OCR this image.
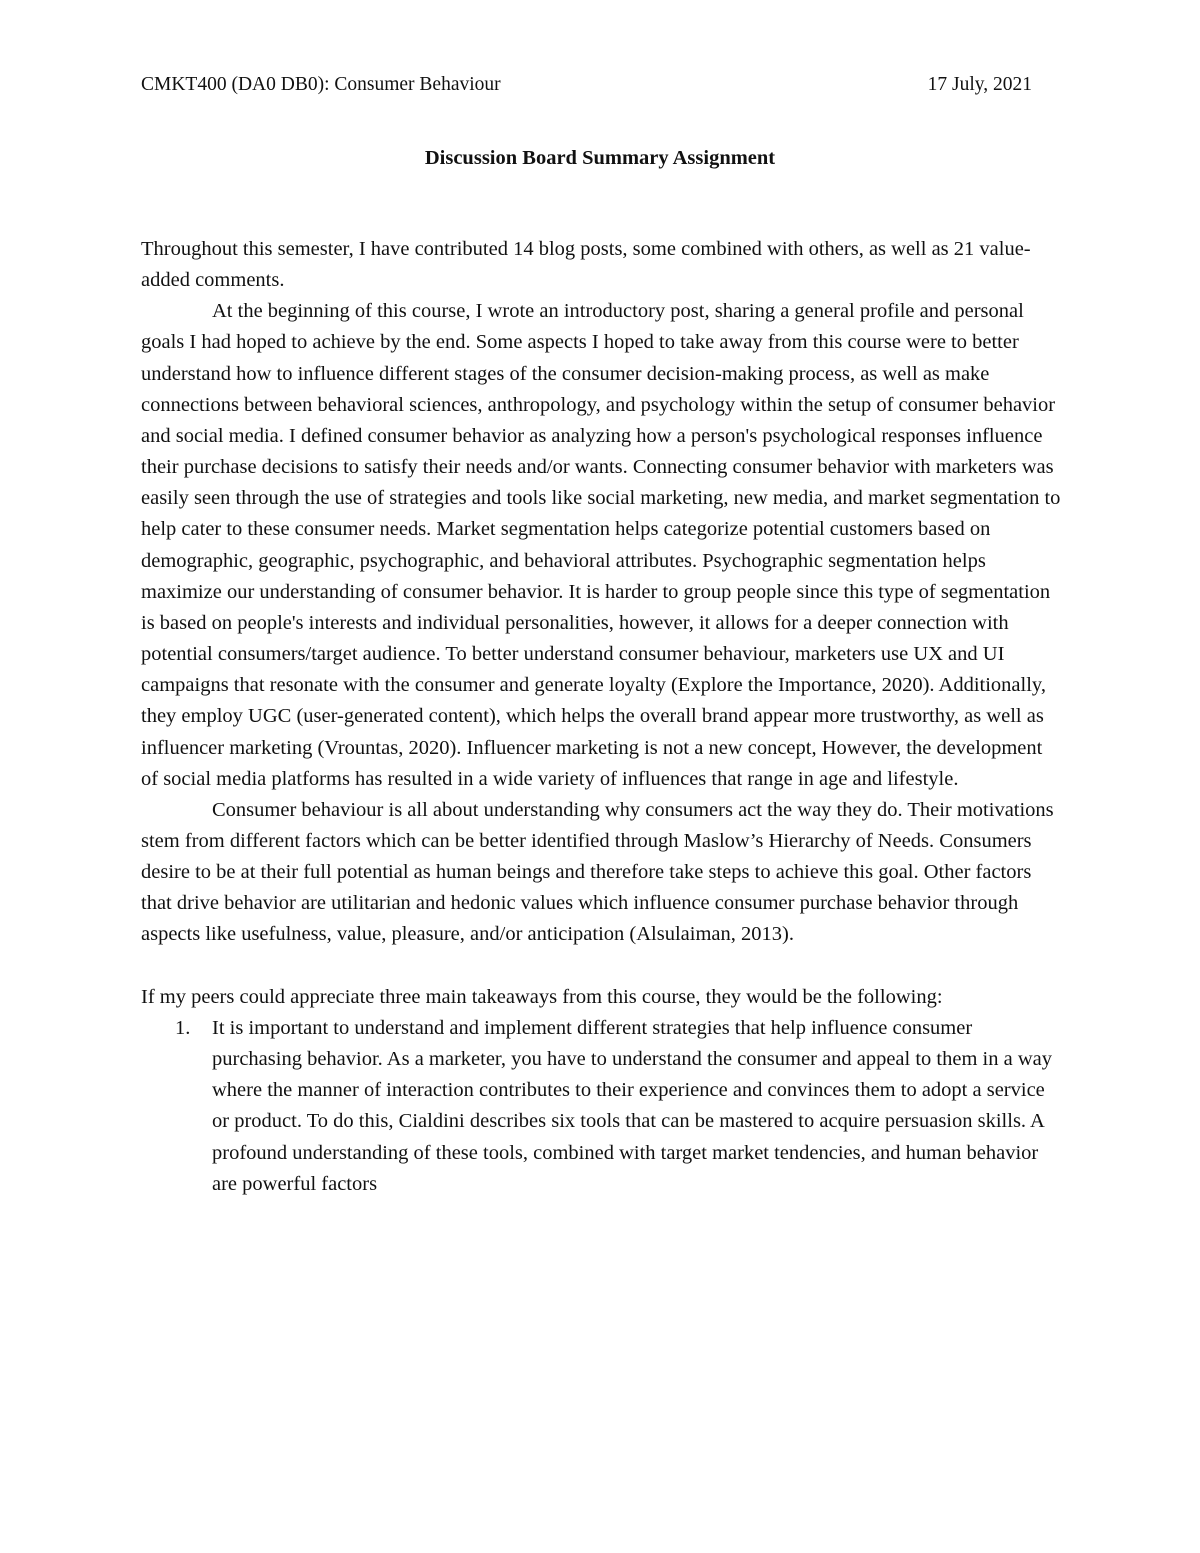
CMKT400 (DA0 DB0): Consumer Behaviour	17 July, 2021
Discussion Board Summary Assignment

Throughout this semester, I have contributed 14 blog posts, some combined with others, as well as 21 value-added comments.

At the beginning of this course, I wrote an introductory post, sharing a general profile and personal goals I had hoped to achieve by the end. Some aspects I hoped to take away from this course were to better understand how to influence different stages of the consumer decision-making process, as well as make connections between behavioral sciences, anthropology, and psychology within the setup of consumer behavior and social media. I defined consumer behavior as analyzing how a person's psychological responses influence their purchase decisions to satisfy their needs and/or wants. Connecting consumer behavior with marketers was easily seen through the use of strategies and tools like social marketing, new media, and market segmentation to help cater to these consumer needs. Market segmentation helps categorize potential customers based on demographic, geographic, psychographic, and behavioral attributes. Psychographic segmentation helps maximize our understanding of consumer behavior. It is harder to group people since this type of segmentation is based on people's interests and individual personalities, however, it allows for a deeper connection with potential consumers/target audience. To better understand consumer behaviour, marketers use UX and UI campaigns that resonate with the consumer and generate loyalty (Explore the Importance, 2020). Additionally, they employ UGC (user-generated content), which helps the overall brand appear more trustworthy, as well as influencer marketing (Vrountas, 2020). Influencer marketing is not a new concept, However, the development of social media platforms has resulted in a wide variety of influences that range in age and lifestyle.

Consumer behaviour is all about understanding why consumers act the way they do. Their motivations stem from different factors which can be better identified through Maslow’s Hierarchy of Needs. Consumers desire to be at their full potential as human beings and therefore take steps to achieve this goal. Other factors that drive behavior are utilitarian and hedonic values which influence consumer purchase behavior through aspects like usefulness, value, pleasure, and/or anticipation (Alsulaiman, 2013).

If my peers could appreciate three main takeaways from this course, they would be the following:

1. It is important to understand and implement different strategies that help influence consumer purchasing behavior. As a marketer, you have to understand the consumer and appeal to them in a way where the manner of interaction contributes to their experience and convinces them to adopt a service or product. To do this, Cialdini describes six tools that can be mastered to acquire persuasion skills. A profound understanding of these tools, combined with target market tendencies, and human behavior are powerful factors
